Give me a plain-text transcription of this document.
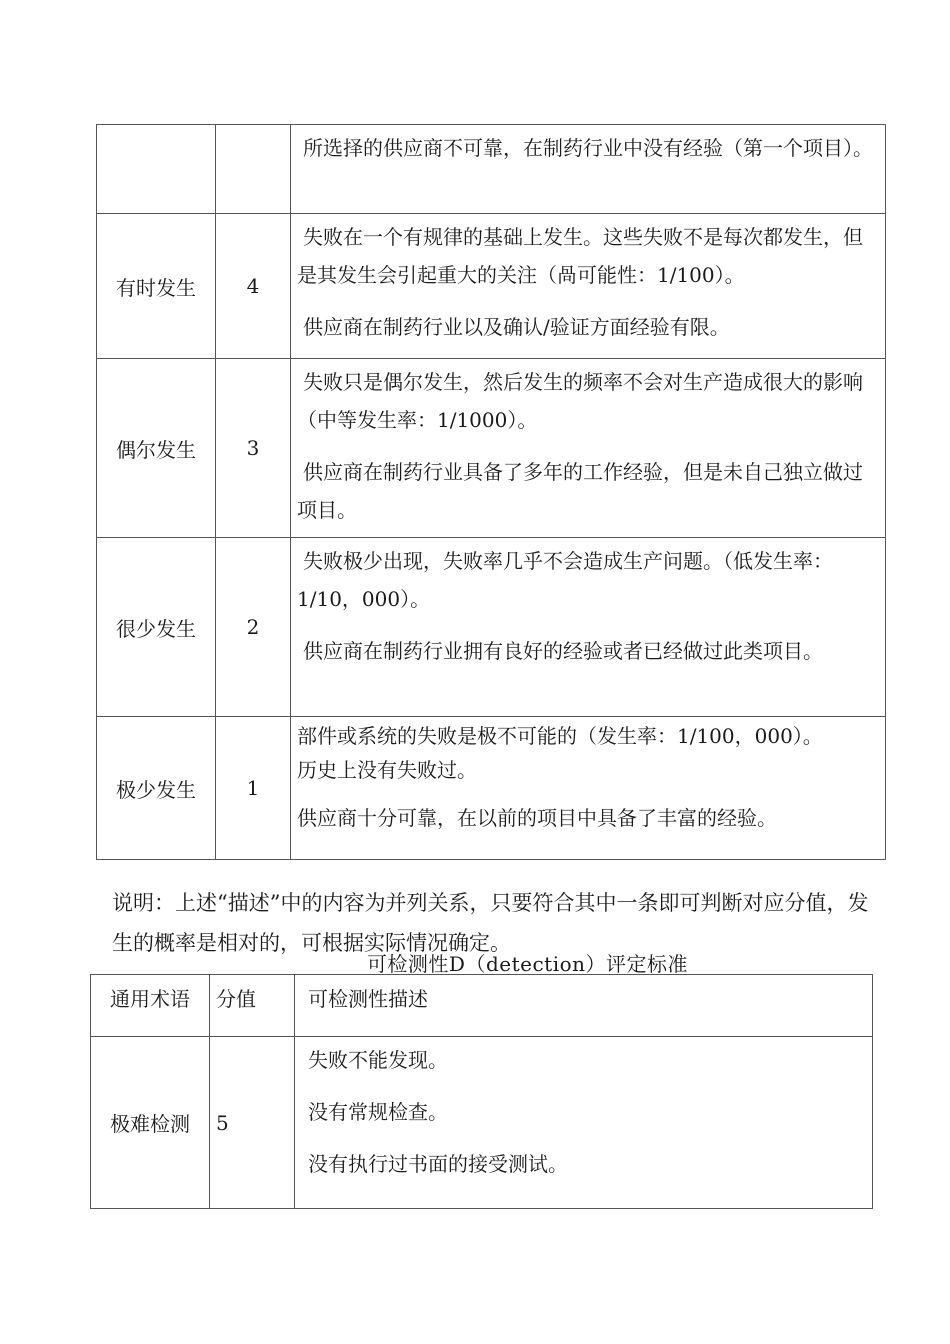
		所选择的供应商不可靠，在制药行业中没有经验（第一个项目）。

有时发生	4	失败在一个有规律的基础上发生。这些失败不是每次都发生，但是其发生会引起重大的关注（咼可能性：1/100）。

供应商在制药行业以及确认/验证方面经验有限。

偶尔发生	3	失败只是偶尔发生，然后发生的频率不会对生产造成很大的影响（中等发生率：1/1000）。

供应商在制药行业具备了多年的工作经验，但是未自己独立做过项目。

很少发生	2	失败极少出现，失败率几乎不会造成生产问题。（低发生率：1/10，000）。

供应商在制药行业拥有良好的经验或者已经做过此类项目。

极少发生	1	部件或系统的失败是极不可能的（发生率：1/100，000）。

历史上没有失败过。

供应商十分可靠，在以前的项目中具备了丰富的经验。

说明：上述“描述”中的内容为并列关系，只要符合其中一条即可判断对应分值，发生的概率是相对的，可根据实际情况确定。

可检测性D（detection）评定标准
通用术语	分值	可检测性描述
极难检测	5	失败不能发现。

没有常规检查。

没有执行过书面的接受测试。
